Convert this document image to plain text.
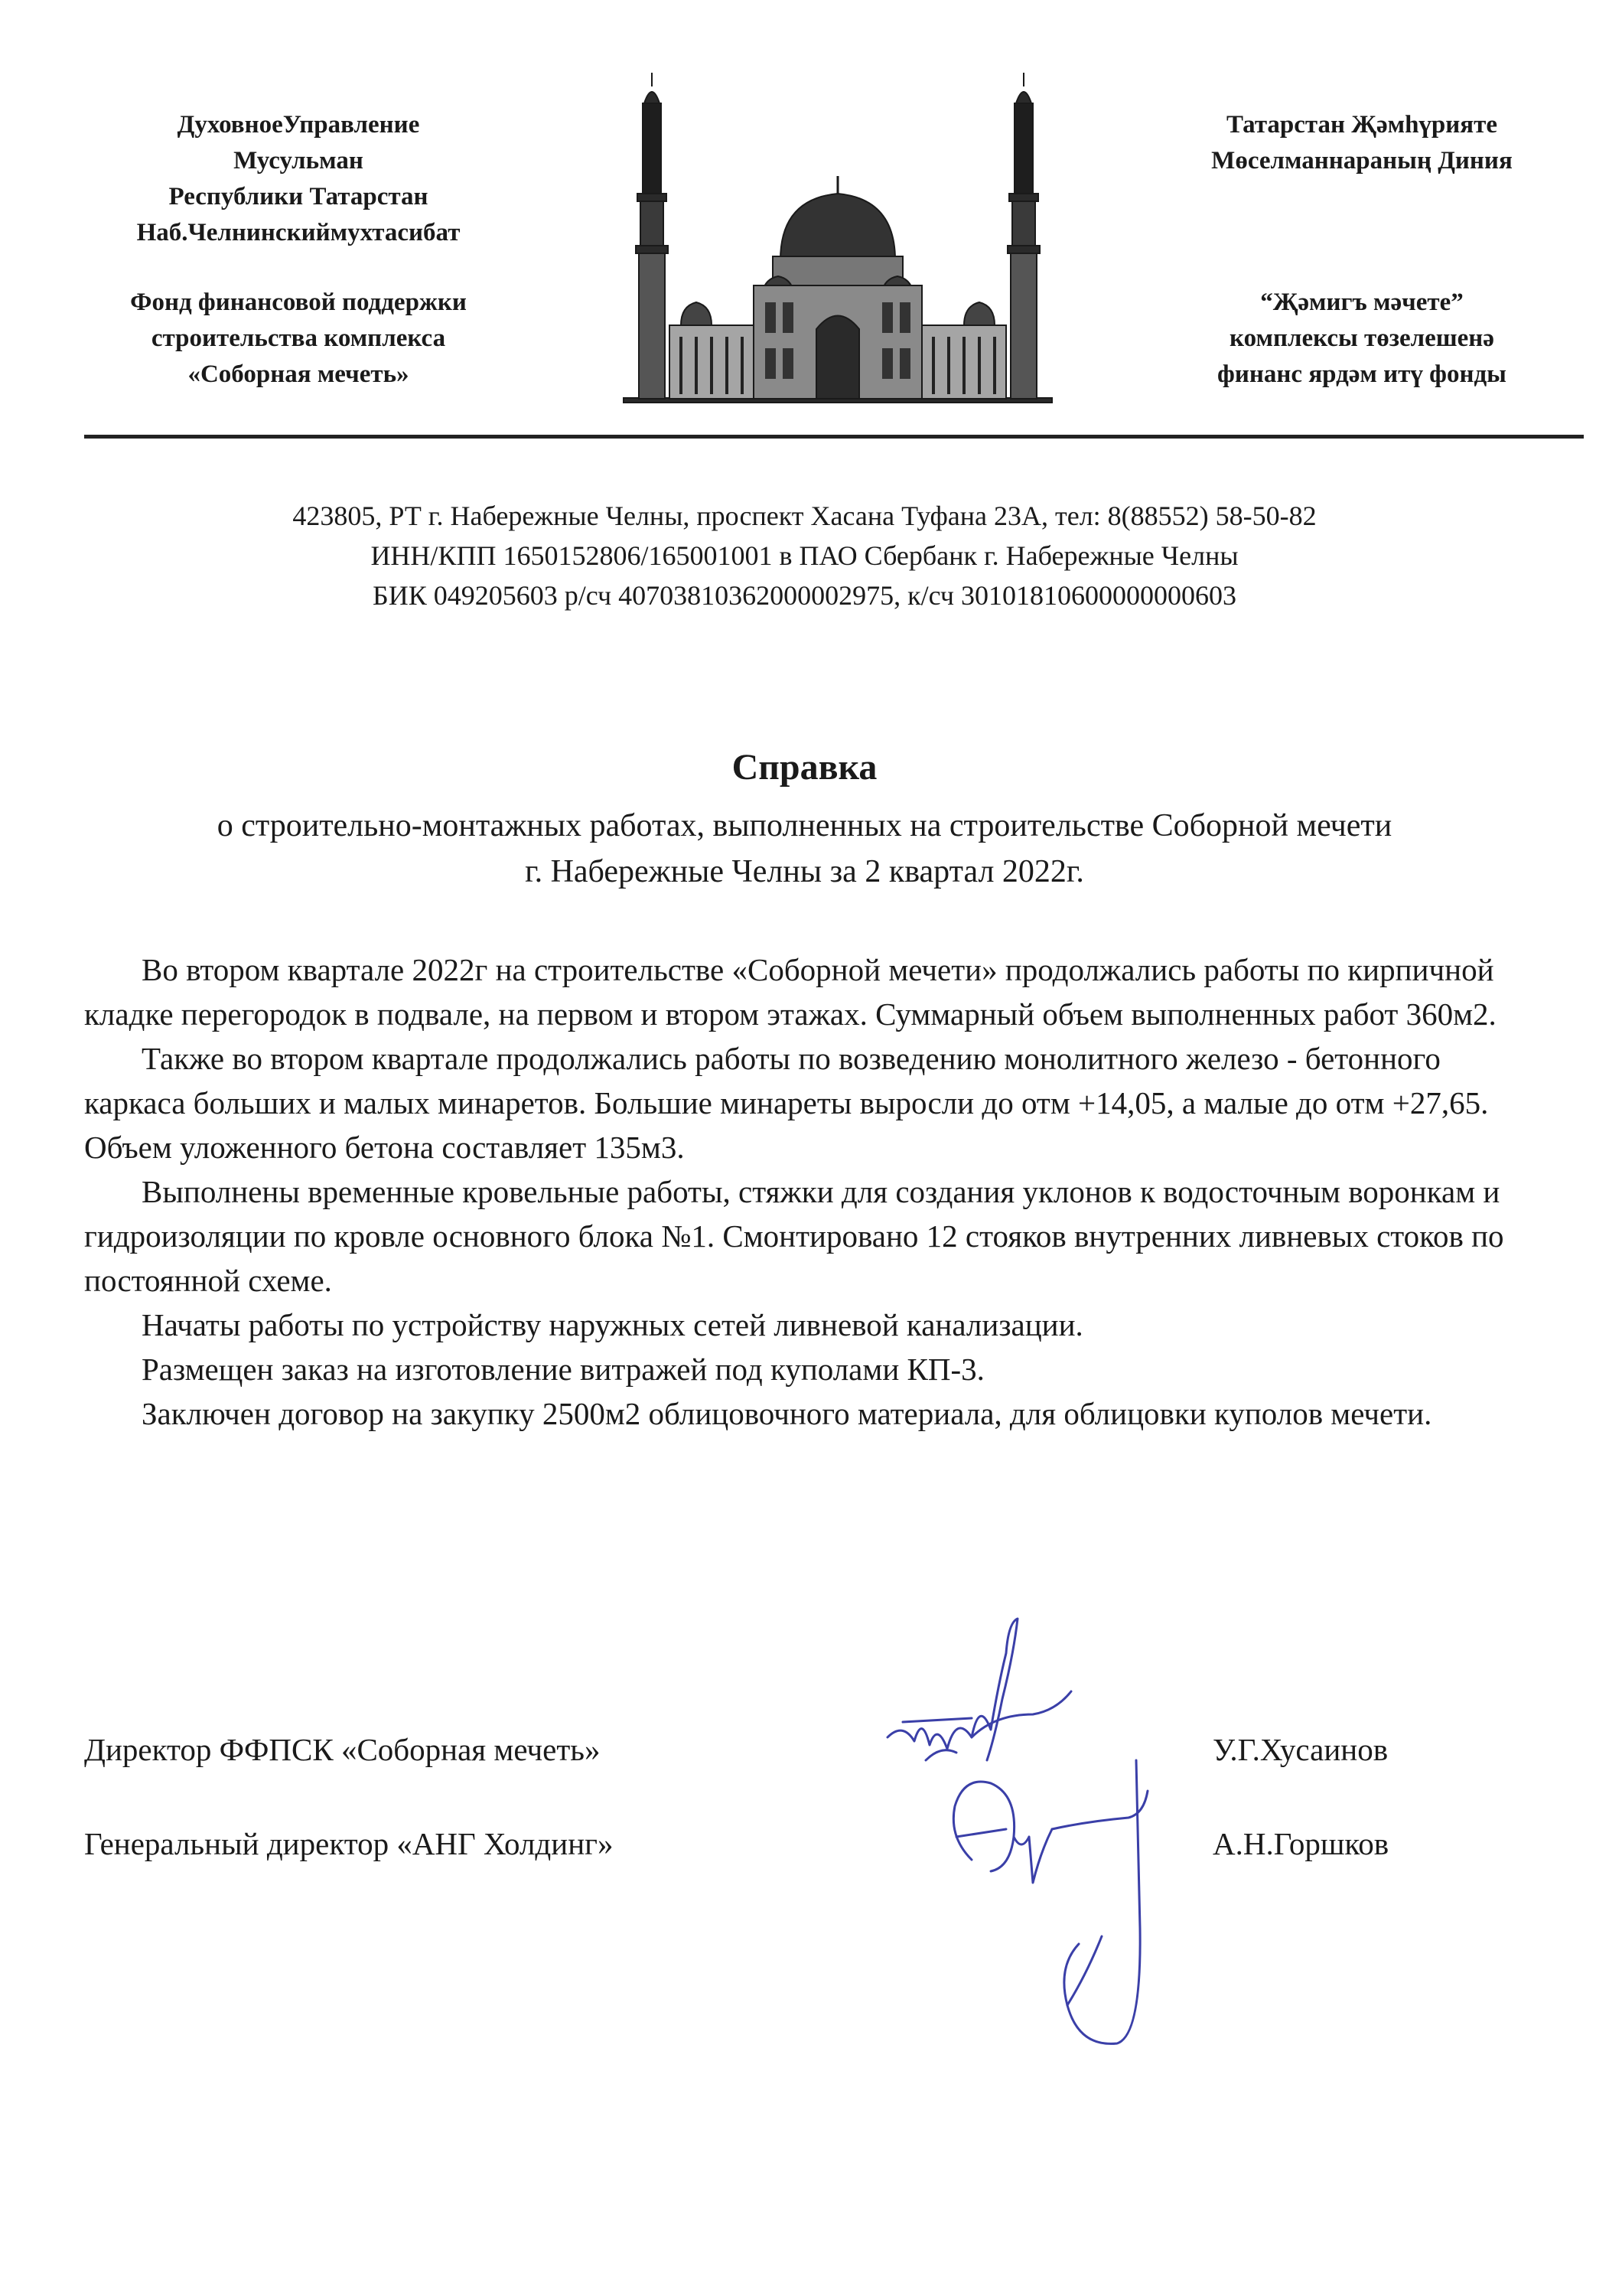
ДуховноеУправление
Мусульман
Республики Татарстан
Наб.Челнинскиймухтасибат
Фонд финансовой поддержки
строительства комплекса
«Соборная мечеть»
Татарстан Җәмһүрияте
Мөселманнараның Диния
“Җәмигъ мәчете”
комплексы төзелешенә
финанс ярдәм итү фонды
423805, РТ г. Набережные Челны, проспект Хасана Туфана 23А, тел: 8(88552) 58-50-82
ИНН/КПП 1650152806/165001001 в ПАО Сбербанк г. Набережные Челны
БИК 049205603 р/сч 40703810362000002975, к/сч 30101810600000000603
Справка
о строительно-монтажных работах, выполненных на строительстве Соборной мечети
г. Набережные Челны за 2 квартал 2022г.

Во втором квартале 2022г на строительстве «Соборной мечети» продолжались работы по кирпичной кладке перегородок в подвале, на первом и втором этажах. Суммарный объем выполненных работ 360м2.

Также во втором квартале продолжались работы по возведению монолитного железо - бетонного каркаса больших и малых минаретов. Большие минареты выросли до отм +14,05, а малые до отм +27,65. Объем уложенного бетона составляет 135м3.

Выполнены временные кровельные работы, стяжки для создания уклонов к водосточным воронкам и гидроизоляции по кровле основного блока №1. Смонтировано 12 стояков внутренних ливневых стоков по постоянной схеме.

Начаты работы по устройству наружных сетей ливневой канализации.

Размещен заказ на изготовление витражей под куполами КП-3.

Заключен договор на закупку 2500м2 облицовочного материала, для облицовки куполов мечети.

Директор ФФПСК «Соборная мечеть»	У.Г.Хусаинов
Генеральный директор «АНГ Холдинг»	А.Н.Горшков
